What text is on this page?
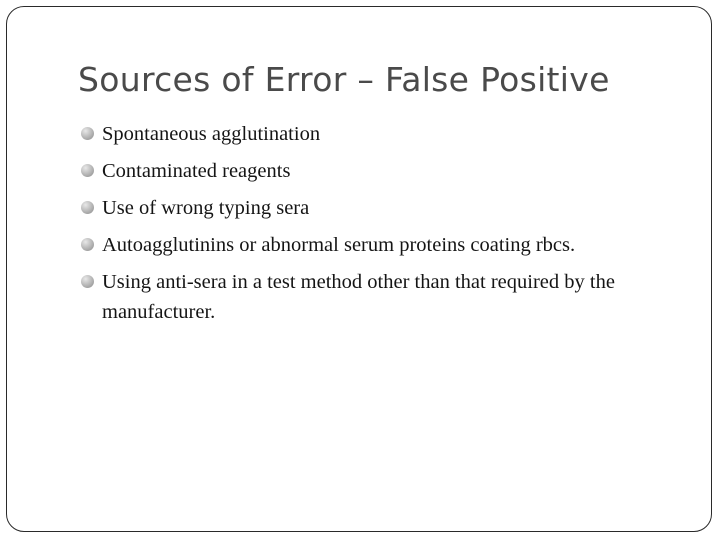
Sources of Error – False Positive
Spontaneous agglutination
Contaminated reagents
Use of wrong typing sera
Autoagglutinins or abnormal serum proteins coating rbcs.
Using anti-sera in a test method other than that required by the manufacturer.
